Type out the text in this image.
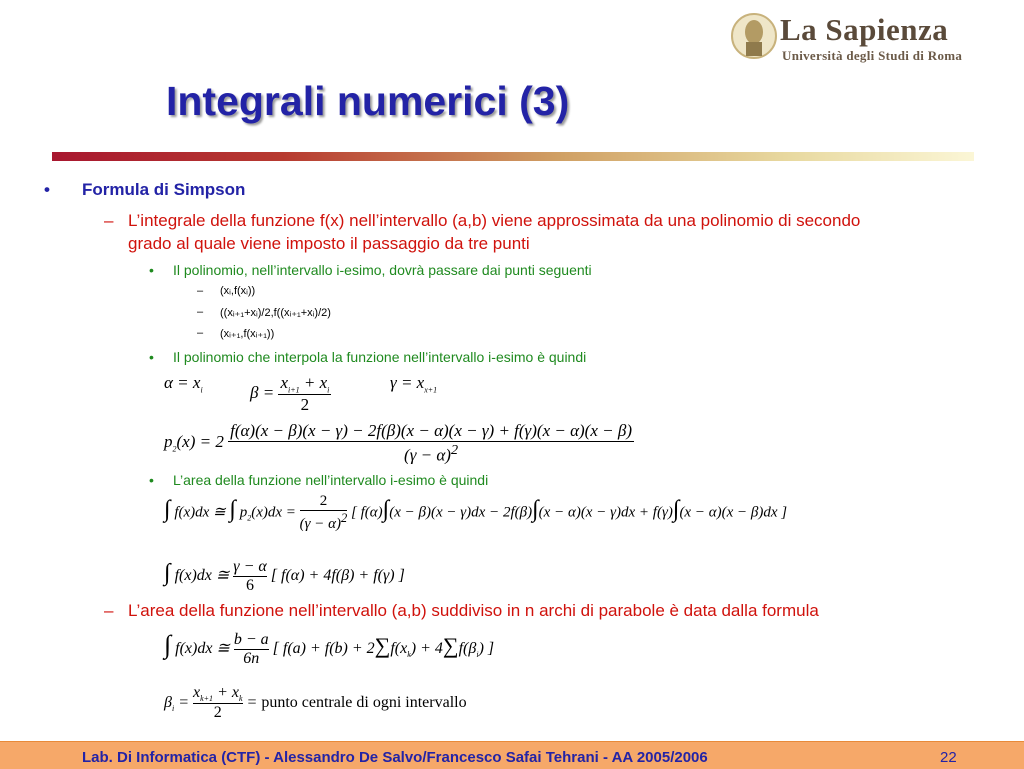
La Sapienza
Università degli Studi di Roma
Integrali numerici (3)
• Formula di Simpson
– L’integrale della funzione f(x) nell’intervallo (a,b) viene approssimata da una polinomio di secondo
grado al quale viene imposto il passaggio da tre punti
• Il polinomio, nell’intervallo i-esimo, dovrà passare dai punti seguenti
– (xᵢ,f(xᵢ))
– ((xᵢ₊₁+xᵢ)/2,f((xᵢ₊₁+xᵢ)/2)
– (xᵢ₊₁,f(xᵢ₊₁))
• Il polinomio che interpola la funzione nell’intervallo i-esimo è quindi
$\alpha = x_i$	$\beta = \frac{x_{i+1} + x_i}{2}$	$\gamma = x_{x+1}$
$p_2(x) = 2$
f(α)(x − β)(x − γ) − 2f(β)(x − α)(x − γ) + f(γ)(x − α)(x − β)
$(\gamma - \alpha)^2$
• L’area della funzione nell’intervallo i-esimo è quindi
∫ f(x)dx ≅ ∫ $p_2(x)dx = \frac{2}{(\gamma - \alpha)^2}$ [ f(α)∫(x − β)(x − γ)dx − 2f(β)∫(x − α)(x − γ)dx + f(γ)∫(x − α)(x − β)dx ]
∫ f(x)dx ≅ $\frac{\gamma - \alpha}{6}$ [ f(α) + 4f(β) + f(γ) ]
– L’area della funzione nell’intervallo (a,b) suddiviso in n archi di parabole è data dalla formula
∫ f(x)dx ≅ $\frac{b - a}{6n}$ [ $f(a) + f(b) + 2\sum f(x_k) + 4\sum f(\beta_i)$ ]
$\beta_i = \frac{x_{k+1} + x_k}{2}$ = punto centrale di ogni intervallo
Lab. Di Informatica (CTF) - Alessandro De Salvo/Francesco Safai Tehrani - AA 2005/2006	22
